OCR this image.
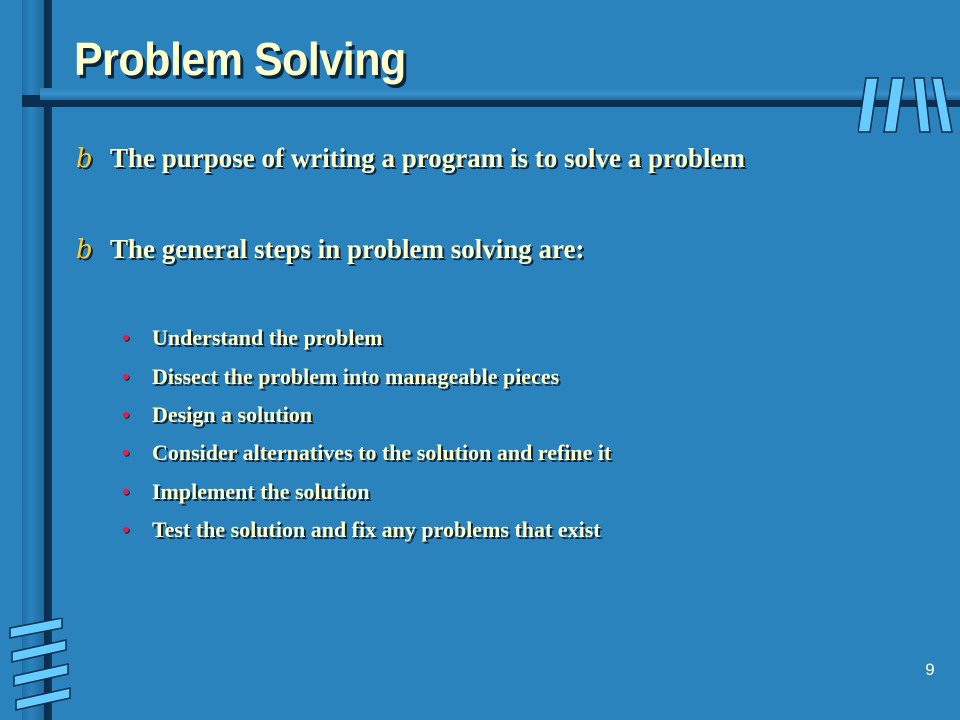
Problem Solving
b The purpose of writing a program is to solve a problem
b The general steps in problem solving are:
•	Understand the problem
•	Dissect the problem into manageable pieces
•	Design a solution
•	Consider alternatives to the solution and refine it
•	Implement the solution
•	Test the solution and fix any problems that exist
9
